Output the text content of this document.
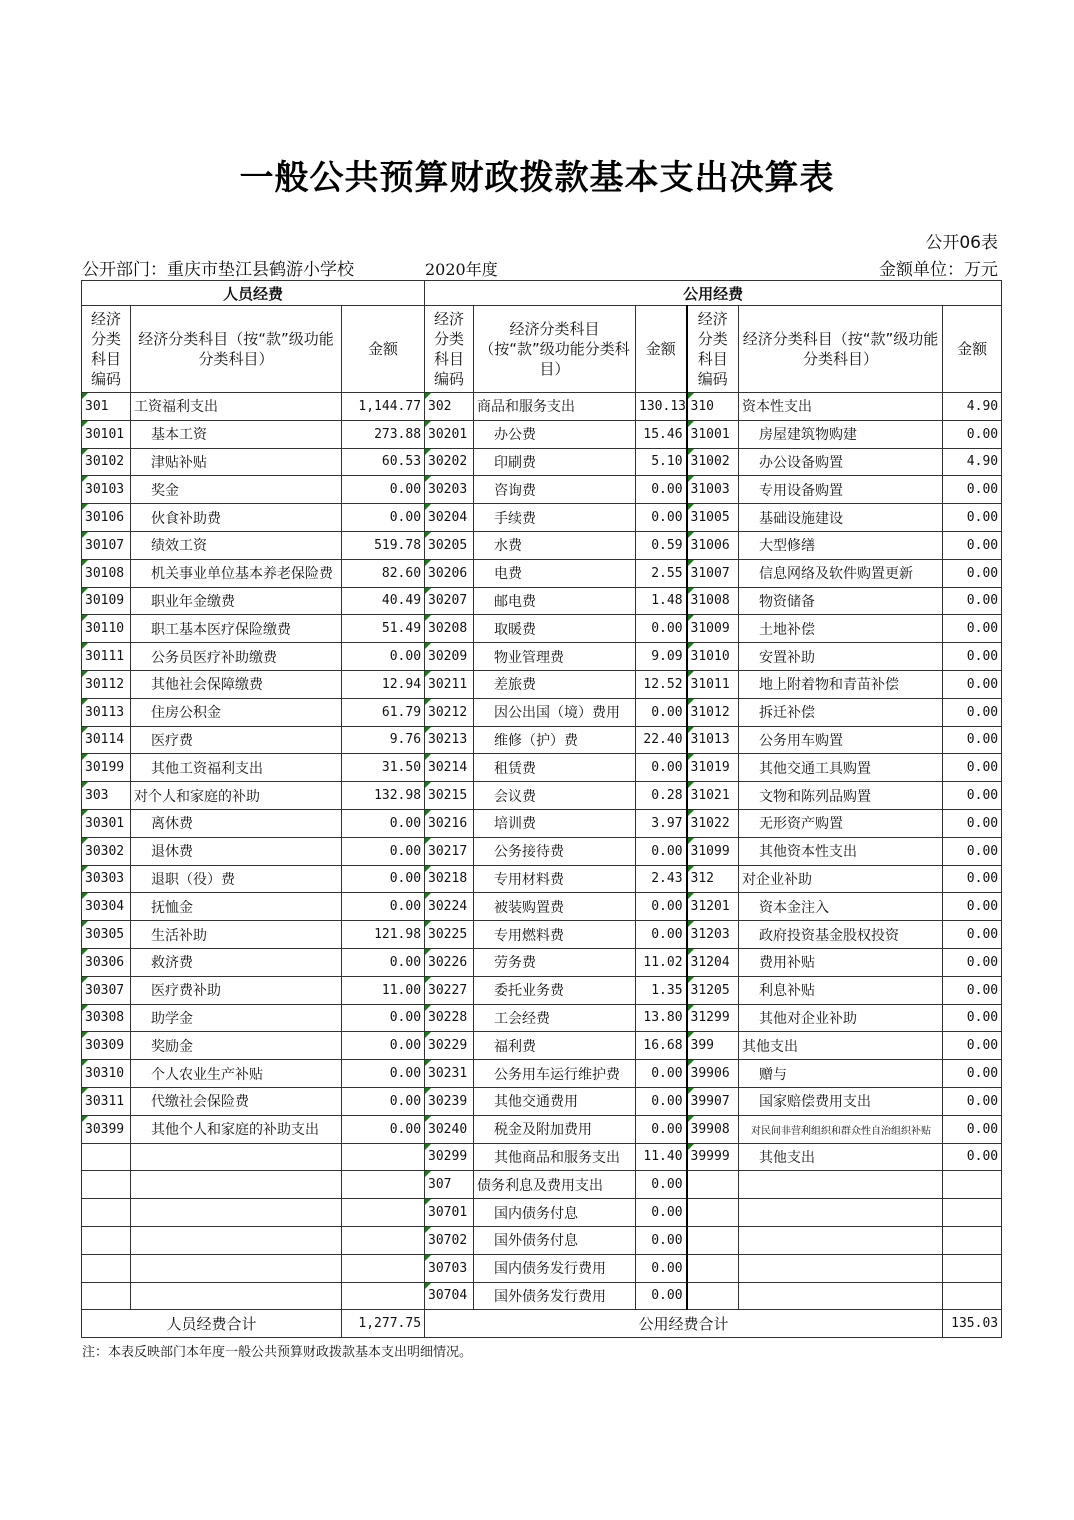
一般公共预算财政拨款基本支出决算表
公开06表
公开部门：重庆市垫江县鹤游小学校	2020年度	金额单位：万元
人员经费			公用经费					
经济分类科目编码	经济分类科目（按“款”级功能分类科目）	金额	经济分类科目编码	经济分类科目（按“款”级功能分类科目）	金额	经济分类科目编码	经济分类科目（按“款”级功能分类科目）	金额
301	工资福利支出	1,144.77	302	商品和服务支出	130.13	310	资本性支出	4.90
30101	基本工资	273.88	30201	办公费	15.46	31001	房屋建筑物购建	0.00
30102	津贴补贴	60.53	30202	印刷费	5.10	31002	办公设备购置	4.90
30103	奖金	0.00	30203	咨询费	0.00	31003	专用设备购置	0.00
30106	伙食补助费	0.00	30204	手续费	0.00	31005	基础设施建设	0.00
30107	绩效工资	519.78	30205	水费	0.59	31006	大型修缮	0.00
30108	机关事业单位基本养老保险费	82.60	30206	电费	2.55	31007	信息网络及软件购置更新	0.00
30109	职业年金缴费	40.49	30207	邮电费	1.48	31008	物资储备	0.00
30110	职工基本医疗保险缴费	51.49	30208	取暖费	0.00	31009	土地补偿	0.00
30111	公务员医疗补助缴费	0.00	30209	物业管理费	9.09	31010	安置补助	0.00
30112	其他社会保障缴费	12.94	30211	差旅费	12.52	31011	地上附着物和青苗补偿	0.00
30113	住房公积金	61.79	30212	因公出国（境）费用	0.00	31012	拆迁补偿	0.00
30114	医疗费	9.76	30213	维修（护）费	22.40	31013	公务用车购置	0.00
30199	其他工资福利支出	31.50	30214	租赁费	0.00	31019	其他交通工具购置	0.00
303	对个人和家庭的补助	132.98	30215	会议费	0.28	31021	文物和陈列品购置	0.00
30301	离休费	0.00	30216	培训费	3.97	31022	无形资产购置	0.00
30302	退休费	0.00	30217	公务接待费	0.00	31099	其他资本性支出	0.00
30303	退职（役）费	0.00	30218	专用材料费	2.43	312	对企业补助	0.00
30304	抚恤金	0.00	30224	被装购置费	0.00	31201	资本金注入	0.00
30305	生活补助	121.98	30225	专用燃料费	0.00	31203	政府投资基金股权投资	0.00
30306	救济费	0.00	30226	劳务费	11.02	31204	费用补贴	0.00
30307	医疗费补助	11.00	30227	委托业务费	1.35	31205	利息补贴	0.00
30308	助学金	0.00	30228	工会经费	13.80	31299	其他对企业补助	0.00
30309	奖励金	0.00	30229	福利费	16.68	399	其他支出	0.00
30310	个人农业生产补贴	0.00	30231	公务用车运行维护费	0.00	39906	赠与	0.00
30311	代缴社会保险费	0.00	30239	其他交通费用	0.00	39907	国家赔偿费用支出	0.00
30399	其他个人和家庭的补助支出	0.00	30240	税金及附加费用	0.00	39908	对民间非营利组织和群众性自治组织补贴	0.00
			30299	其他商品和服务支出	11.40	39999	其他支出	0.00
			307	债务利息及费用支出	0.00			
			30701	国内债务付息	0.00			
			30702	国外债务付息	0.00			
			30703	国内债务发行费用	0.00			
			30704	国外债务发行费用	0.00			
人员经费合计		1,277.75	公用经费合计					135.03
注：本表反映部门本年度一般公共预算财政拨款基本支出明细情况。
